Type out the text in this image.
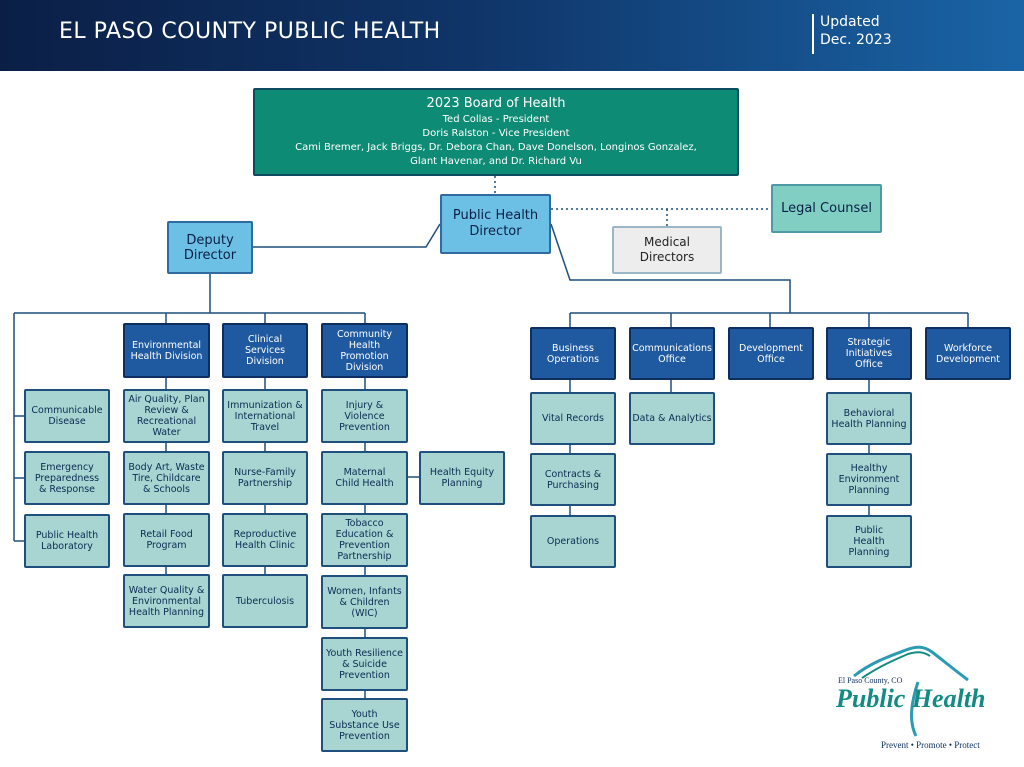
EL PASO COUNTY PUBLIC HEALTH	Updated
Dec. 2023
2023 Board of Health
Ted Collas - President
Doris Ralston - Vice President
Cami Bremer, Jack Briggs, Dr. Debora Chan, Dave Donelson, Longinos Gonzalez,
Glant Havenar, and Dr. Richard Vu
Public Health Director
Legal Counsel
Medical Directors
Deputy Director
Communicable Disease
Emergency Preparedness & Response
Public Health Laboratory
Environmental Health Division
Clinical Services Division
Community Health Promotion Division
Air Quality, Plan Review & Recreational Water
Body Art, Waste Tire, Childcare & Schools
Retail Food Program
Water Quality & Environmental Health Planning
Immunization & International Travel
Nurse-Family Partnership
Reproductive Health Clinic
Tuberculosis
Injury & Violence Prevention
Maternal Child Health
Tobacco Education & Prevention Partnership
Women, Infants & Children (WIC)
Youth Resilience & Suicide Prevention
Youth Substance Use Prevention
Health Equity Planning
Business Operations
Communications Office
Development Office
Strategic Initiatives Office
Workforce Development
Vital Records
Contracts & Purchasing
Operations
Data & Analytics	Behavioral Health Planning
Healthy Environment Planning
Public Health Planning
El Paso County, CO
Public Health
Prevent • Promote • Protect
